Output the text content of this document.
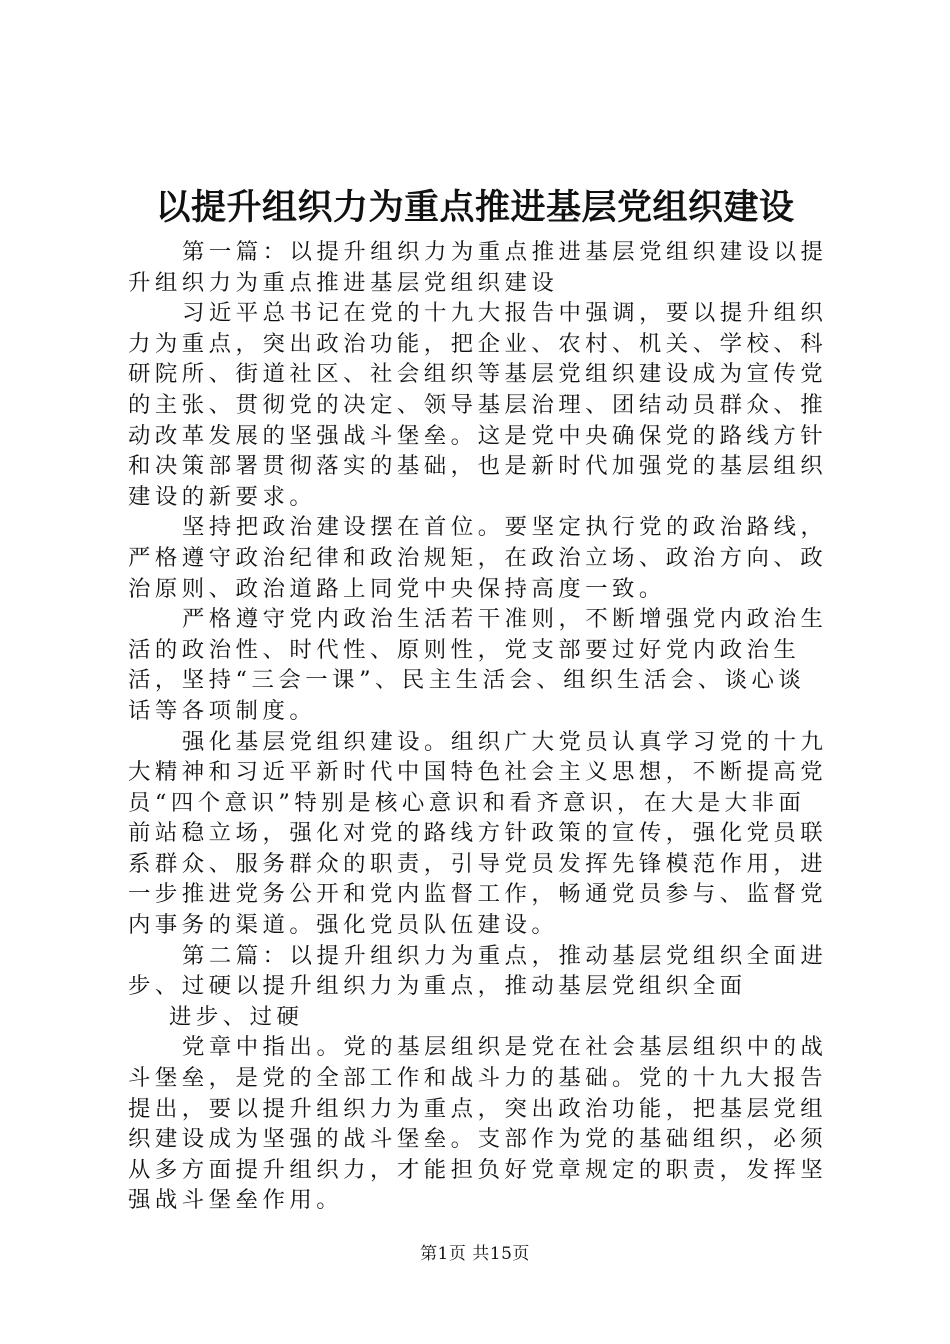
以提升组织力为重点推进基层党组织建设

第一篇：以提升组织力为重点推进基层党组织建设以提升组织力为重点推进基层党组织建设

习近平总书记在党的十九大报告中强调，要以提升组织力为重点，突出政治功能，把企业、农村、机关、学校、科研院所、街道社区、社会组织等基层党组织建设成为宣传党的主张、贯彻党的决定、领导基层治理、团结动员群众、推动改革发展的坚强战斗堡垒。这是党中央确保党的路线方针和决策部署贯彻落实的基础，也是新时代加强党的基层组织建设的新要求。

坚持把政治建设摆在首位。要坚定执行党的政治路线，严格遵守政治纪律和政治规矩，在政治立场、政治方向、政治原则、政治道路上同党中央保持高度一致。

严格遵守党内政治生活若干准则，不断增强党内政治生活的政治性、时代性、原则性，党支部要过好党内政治生活，坚持“三会一课”、民主生活会、组织生活会、谈心谈话等各项制度。

强化基层党组织建设。组织广大党员认真学习党的十九大精神和习近平新时代中国特色社会主义思想，不断提高党员“四个意识”特别是核心意识和看齐意识，在大是大非面前站稳立场，强化对党的路线方针政策的宣传，强化党员联系群众、服务群众的职责，引导党员发挥先锋模范作用，进一步推进党务公开和党内监督工作，畅通党员参与、监督党内事务的渠道。强化党员队伍建设。

第二篇：以提升组织力为重点，推动基层党组织全面进步、过硬以提升组织力为重点，推动基层党组织全面

进步、过硬

党章中指出。党的基层组织是党在社会基层组织中的战斗堡垒，是党的全部工作和战斗力的基础。党的十九大报告提出，要以提升组织力为重点，突出政治功能，把基层党组织建设成为坚强的战斗堡垒。支部作为党的基础组织，必须从多方面提升组织力，才能担负好党章规定的职责，发挥坚强战斗堡垒作用。

第1页 共15页
